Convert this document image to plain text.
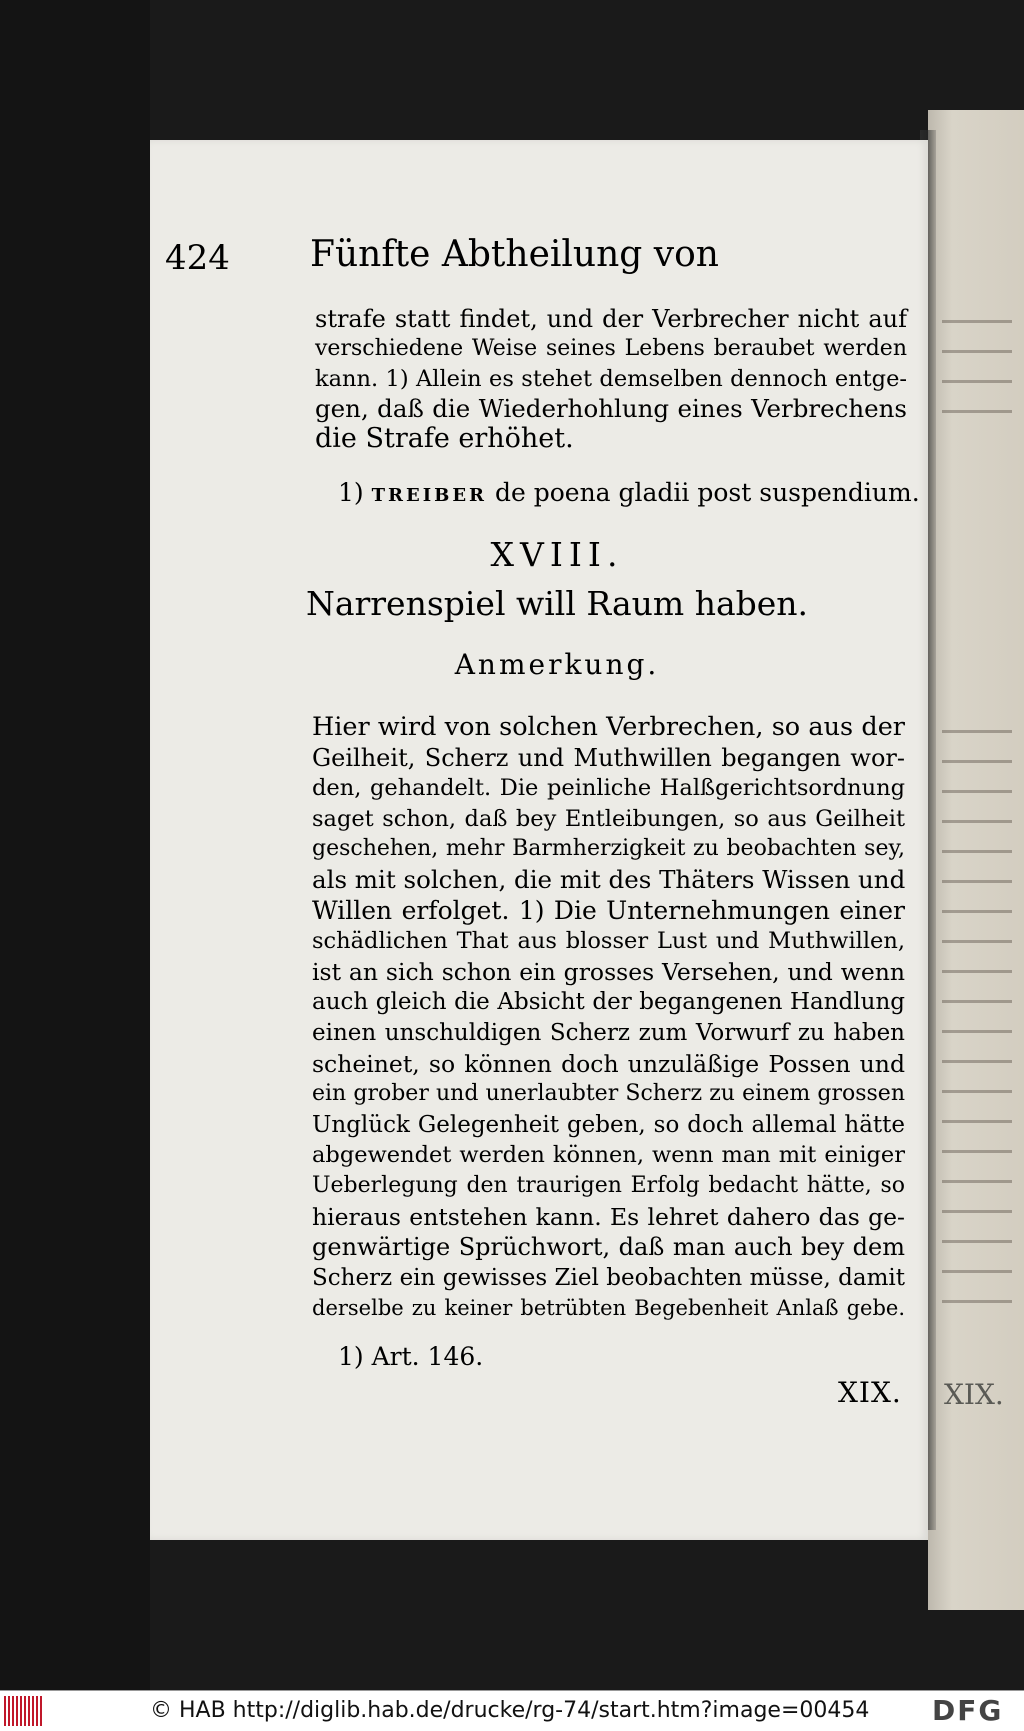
XIX.
424 Fünfte Abtheilung von
strafe statt findet, und der Verbrecher nicht auf
verschiedene Weise seines Lebens beraubet werden
kann. 1) Allein es stehet demselben dennoch entge-
gen, daß die Wiederhohlung eines Verbrechens
die Strafe erhöhet.
1) TREIBER de poena gladii post suspendium.
XVIII.
Narrenspiel will Raum haben.
Anmerkung.
Hier wird von solchen Verbrechen, so aus der
Geilheit, Scherz und Muthwillen begangen wor-
den, gehandelt. Die peinliche Halßgerichtsordnung
saget schon, daß bey Entleibungen, so aus Geilheit
geschehen, mehr Barmherzigkeit zu beobachten sey,
als mit solchen, die mit des Thäters Wissen und
Willen erfolget. 1) Die Unternehmungen einer
schädlichen That aus blosser Lust und Muthwillen,
ist an sich schon ein grosses Versehen, und wenn
auch gleich die Absicht der begangenen Handlung
einen unschuldigen Scherz zum Vorwurf zu haben
scheinet, so können doch unzuläßige Possen und
ein grober und unerlaubter Scherz zu einem grossen
Unglück Gelegenheit geben, so doch allemal hätte
abgewendet werden können, wenn man mit einiger
Ueberlegung den traurigen Erfolg bedacht hätte, so
hieraus entstehen kann. Es lehret dahero das ge-
genwärtige Sprüchwort, daß man auch bey dem
Scherz ein gewisses Ziel beobachten müsse, damit
derselbe zu keiner betrübten Begebenheit Anlaß gebe.
1) Art. 146.
XIX.
© HAB http://diglib.hab.de/drucke/rg-74/start.htm?image=00454 DFG
